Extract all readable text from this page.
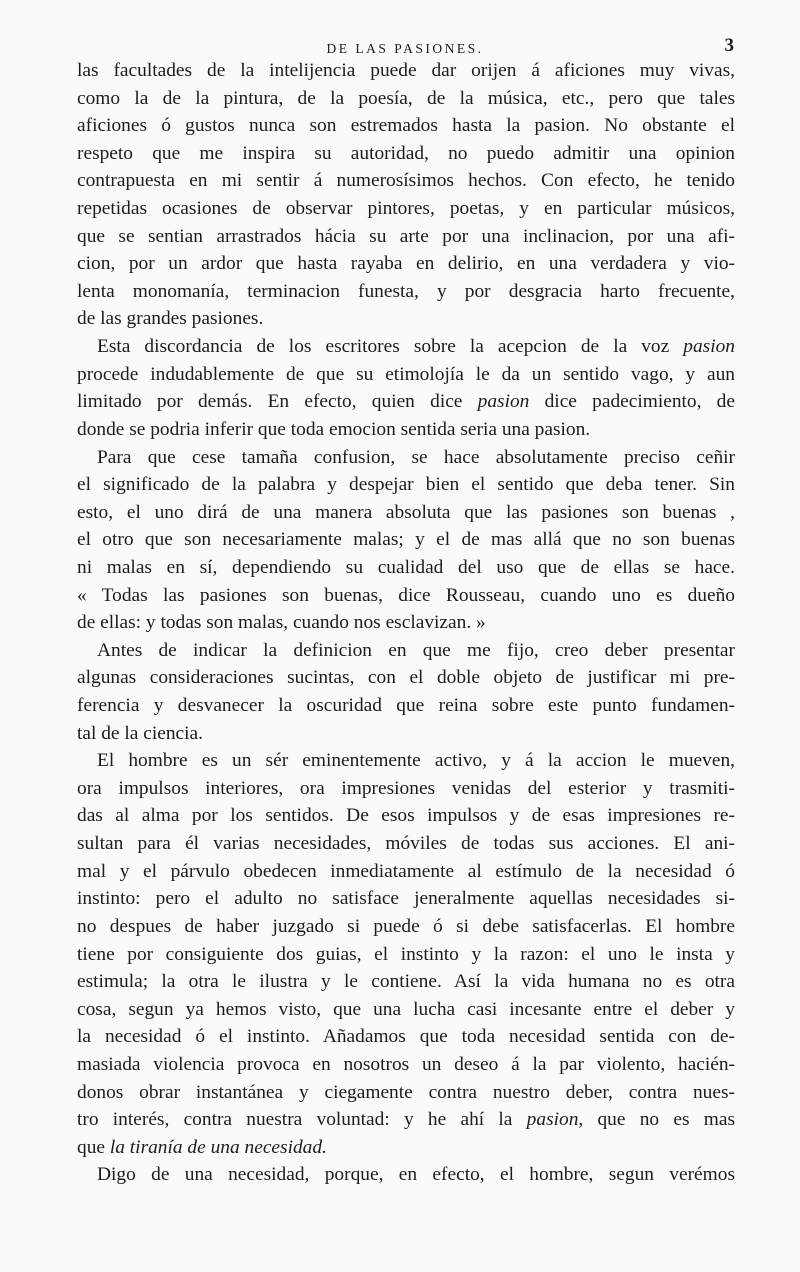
DE LAS PASIONES.	3
las facultades de la intelijencia puede dar orijen á aficiones muy vivas,
como la de la pintura, de la poesía, de la música, etc., pero que tales
aficiones ó gustos nunca son estremados hasta la pasion. No obstante el
respeto que me inspira su autoridad, no puedo admitir una opinion
contrapuesta en mi sentir á numerosísimos hechos. Con efecto, he tenido
repetidas ocasiones de observar pintores, poetas, y en particular músicos,
que se sentian arrastrados hácia su arte por una inclinacion, por una afi-
cion, por un ardor que hasta rayaba en delirio, en una verdadera y vio-
lenta monomanía, terminacion funesta, y por desgracia harto frecuente,
de las grandes pasiones.
Esta discordancia de los escritores sobre la acepcion de la voz pasion
procede indudablemente de que su etimolojía le da un sentido vago, y aun
limitado por demás. En efecto, quien dice pasion dice padecimiento, de
donde se podria inferir que toda emocion sentida seria una pasion.
Para que cese tamaña confusion, se hace absolutamente preciso ceñir
el significado de la palabra y despejar bien el sentido que deba tener. Sin
esto, el uno dirá de una manera absoluta que las pasiones son buenas ,
el otro que son necesariamente malas; y el de mas allá que no son buenas
ni malas en sí, dependiendo su cualidad del uso que de ellas se hace.
« Todas las pasiones son buenas, dice Rousseau, cuando uno es dueño
de ellas: y todas son malas, cuando nos esclavizan. »
Antes de indicar la definicion en que me fijo, creo deber presentar
algunas consideraciones sucintas, con el doble objeto de justificar mi pre-
ferencia y desvanecer la oscuridad que reina sobre este punto fundamen-
tal de la ciencia.
El hombre es un sér eminentemente activo, y á la accion le mueven,
ora impulsos interiores, ora impresiones venidas del esterior y trasmiti-
das al alma por los sentidos. De esos impulsos y de esas impresiones re-
sultan para él varias necesidades, móviles de todas sus acciones. El ani-
mal y el párvulo obedecen inmediatamente al estímulo de la necesidad ó
instinto: pero el adulto no satisface jeneralmente aquellas necesidades si-
no despues de haber juzgado si puede ó si debe satisfacerlas. El hombre
tiene por consiguiente dos guias, el instinto y la razon: el uno le insta y
estimula; la otra le ilustra y le contiene. Así la vida humana no es otra
cosa, segun ya hemos visto, que una lucha casi incesante entre el deber y
la necesidad ó el instinto. Añadamos que toda necesidad sentida con de-
masiada violencia provoca en nosotros un deseo á la par violento, hacién-
donos obrar instantánea y ciegamente contra nuestro deber, contra nues-
tro interés, contra nuestra voluntad: y he ahí la pasion, que no es mas
que la tiranía de una necesidad.
Digo de una necesidad, porque, en efecto, el hombre, segun verémos
